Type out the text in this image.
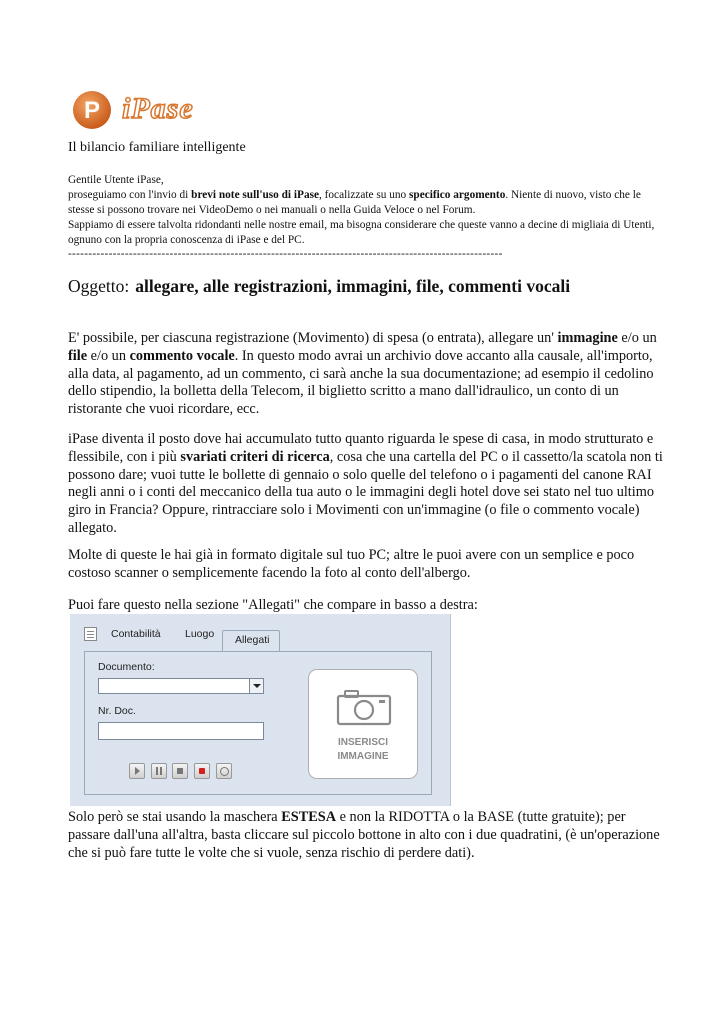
P iPase
Il bilancio familiare intelligente
Gentile Utente iPase,
proseguiamo con l'invio di brevi note sull'uso di iPase, focalizzate su uno specifico argomento. Niente di nuovo, visto che le stesse si possono trovare nei VideoDemo o nei manuali o nella Guida Veloce o nel Forum.
Sappiamo di essere talvolta ridondanti nelle nostre email, ma bisogna considerare che queste vanno a decine di migliaia di Utenti, ognuno con la propria conoscenza di iPase e del PC.
-----------------------------------------------------------------------------------------------------------
Oggetto: allegare, alle registrazioni, immagini, file, commenti vocali
E' possibile, per ciascuna registrazione (Movimento) di spesa (o entrata), allegare un' immagine e/o un file e/o un commento vocale. In questo modo avrai un archivio dove accanto alla causale, all'importo, alla data, al pagamento, ad un commento, ci sarà anche la sua documentazione; ad esempio il cedolino dello stipendio, la bolletta della Telecom, il biglietto scritto a mano dall'idraulico, un conto di un ristorante che vuoi ricordare, ecc.
iPase diventa il posto dove hai accumulato tutto quanto riguarda le spese di casa, in modo strutturato e flessibile, con i più svariati criteri di ricerca, cosa che una cartella del PC o il cassetto/la scatola non ti possono dare; vuoi tutte le bollette di gennaio o solo quelle del telefono o i pagamenti del canone RAI negli anni o i conti del meccanico della tua auto o le immagini degli hotel dove sei stato nel tuo ultimo giro in Francia? Oppure, rintracciare solo i Movimenti con un'immagine (o file o commento vocale) allegato.
Molte di queste le hai già in formato digitale sul tuo PC; altre le puoi avere con un semplice e poco costoso scanner o semplicemente facendo la foto al conto dell'albergo.
Puoi fare questo nella sezione "Allegati" che compare in basso a destra:
Contabilità Luogo Allegati
Documento:
Nr. Doc.
INSERISCI
IMMAGINE
Solo però se stai usando la maschera ESTESA e non la RIDOTTA o la BASE (tutte gratuite); per passare dall'una all'altra, basta cliccare sul piccolo bottone in alto con i due quadratini, (è un'operazione che si può fare tutte le volte che si vuole, senza rischio di perdere dati).
